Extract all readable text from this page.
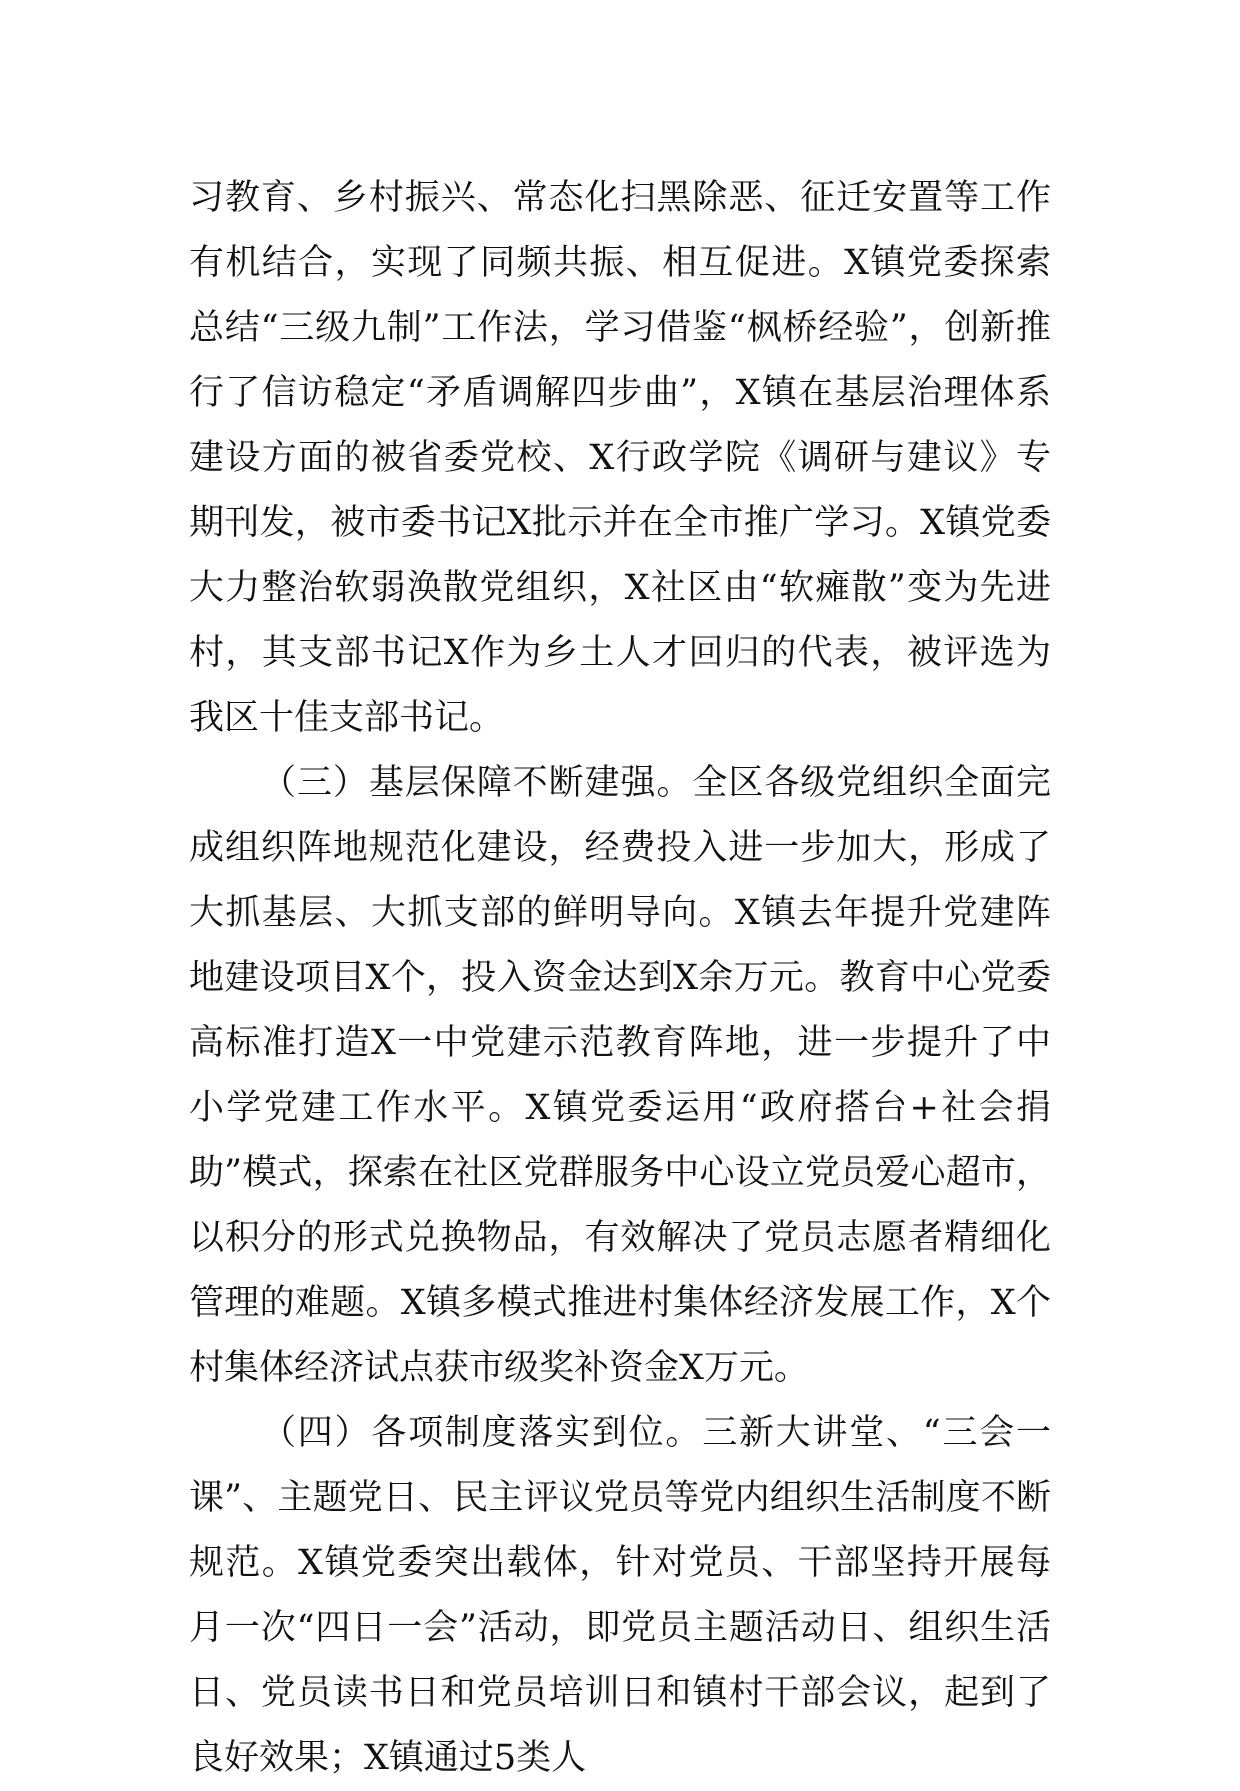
习教育、乡村振兴、常态化扫黑除恶、征迁安置等工作有机结合，实现了同频共振、相互促进。X镇党委探索总结“三级九制”工作法，学习借鉴“枫桥经验”，创新推行了信访稳定“矛盾调解四步曲”，X镇在基层治理体系建设方面的被省委党校、X行政学院《调研与建议》专期刊发，被市委书记X批示并在全市推广学习。X镇党委大力整治软弱涣散党组织，X社区由“软瘫散”变为先进村，其支部书记X作为乡土人才回归的代表，被评选为我区十佳支部书记。

（三）基层保障不断建强。全区各级党组织全面完成组织阵地规范化建设，经费投入进一步加大，形成了大抓基层、大抓支部的鲜明导向。X镇去年提升党建阵地建设项目X个，投入资金达到X余万元。教育中心党委高标准打造X一中党建示范教育阵地，进一步提升了中小学党建工作水平。X镇党委运用“政府搭台+社会捐助”模式，探索在社区党群服务中心设立党员爱心超市，以积分的形式兑换物品，有效解决了党员志愿者精细化管理的难题。X镇多模式推进村集体经济发展工作，X个村集体经济试点获市级奖补资金X万元。

（四）各项制度落实到位。三新大讲堂、“三会一课”、主题党日、民主评议党员等党内组织生活制度不断规范。X镇党委突出载体，针对党员、干部坚持开展每月一次“四日一会”活动，即党员主题活动日、组织生活日、党员读书日和党员培训日和镇村干部会议，起到了良好效果；X镇通过5类人
